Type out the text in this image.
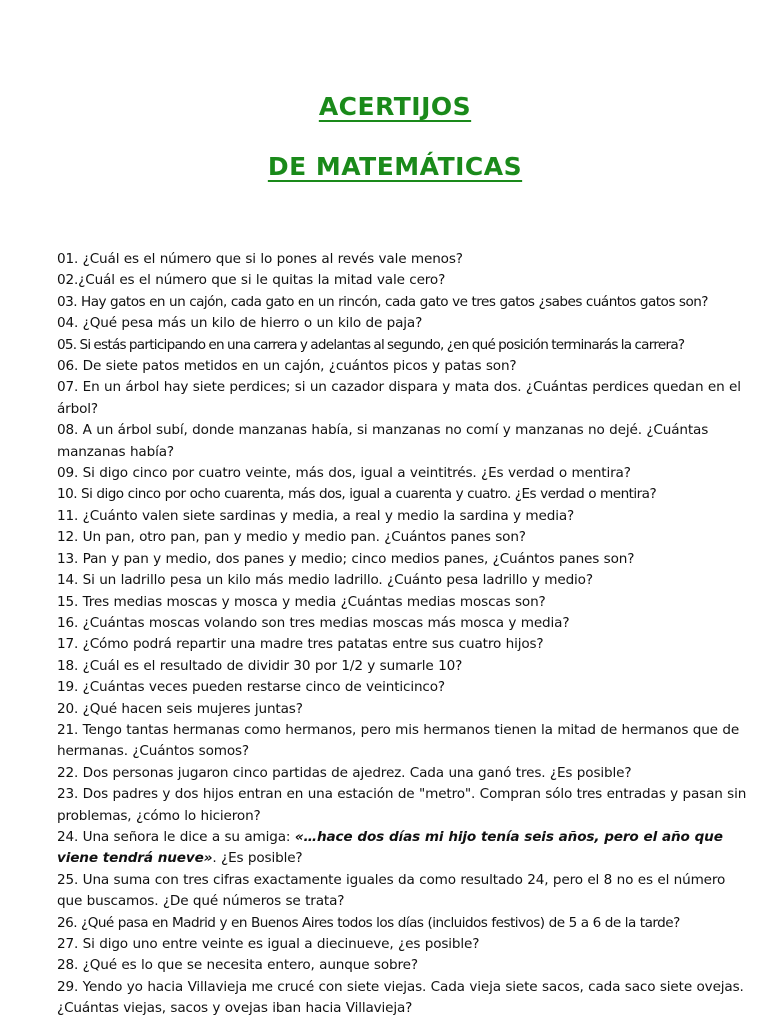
ACERTIJOS
DE MATEMÁTICAS
01. ¿Cuál es el número que si lo pones al revés vale menos?
02.¿Cuál es el número que si le quitas la mitad vale cero?
03. Hay gatos en un cajón, cada gato en un rincón, cada gato ve tres gatos ¿sabes cuántos gatos son?
04. ¿Qué pesa más un kilo de hierro o un kilo de paja?
05. Si estás participando en una carrera y adelantas al segundo, ¿en qué posición terminarás la carrera?
06. De siete patos metidos en un cajón, ¿cuántos picos y patas son?
07. En un árbol hay siete perdices; si un cazador dispara y mata dos. ¿Cuántas perdices quedan en el árbol?
08. A un árbol subí, donde manzanas había, si manzanas no comí y manzanas no dejé. ¿Cuántas manzanas había?
09. Si digo cinco por cuatro veinte, más dos, igual a veintitrés. ¿Es verdad o mentira?
10. Si digo cinco por ocho cuarenta, más dos, igual a cuarenta y cuatro. ¿Es verdad o mentira?
11. ¿Cuánto valen siete sardinas y media, a real y medio la sardina y media?
12. Un pan, otro pan, pan y medio y medio pan. ¿Cuántos panes son?
13. Pan y pan y medio, dos panes y medio; cinco medios panes, ¿Cuántos panes son?
14. Si un ladrillo pesa un kilo más medio ladrillo. ¿Cuánto pesa ladrillo y medio?
15. Tres medias moscas y mosca y media ¿Cuántas medias moscas son?
16. ¿Cuántas moscas volando son tres medias moscas más mosca y media?
17. ¿Cómo podrá repartir una madre tres patatas entre sus cuatro hijos?
18. ¿Cuál es el resultado de dividir 30 por 1/2 y sumarle 10?
19. ¿Cuántas veces pueden restarse cinco de veinticinco?
20. ¿Qué hacen seis mujeres juntas?
21. Tengo tantas hermanas como hermanos, pero mis hermanos tienen la mitad de hermanos que de hermanas. ¿Cuántos somos?
22. Dos personas jugaron cinco partidas de ajedrez. Cada una ganó tres. ¿Es posible?
23. Dos padres y dos hijos entran en una estación de "metro". Compran sólo tres entradas y pasan sin problemas, ¿cómo lo hicieron?
24. Una señora le dice a su amiga: «…hace dos días mi hijo tenía seis años, pero el año que viene tendrá nueve». ¿Es posible?
25. Una suma con tres cifras exactamente iguales da como resultado 24, pero el 8 no es el número que buscamos. ¿De qué números se trata?
26. ¿Qué pasa en Madrid y en Buenos Aires todos los días (incluidos festivos) de 5 a 6 de la tarde?
27. Si digo uno entre veinte es igual a diecinueve, ¿es posible?
28. ¿Qué es lo que se necesita entero, aunque sobre?
29. Yendo yo hacia Villavieja me crucé con siete viejas. Cada vieja siete sacos, cada saco siete ovejas. ¿Cuántas viejas, sacos y ovejas iban hacia Villavieja?
